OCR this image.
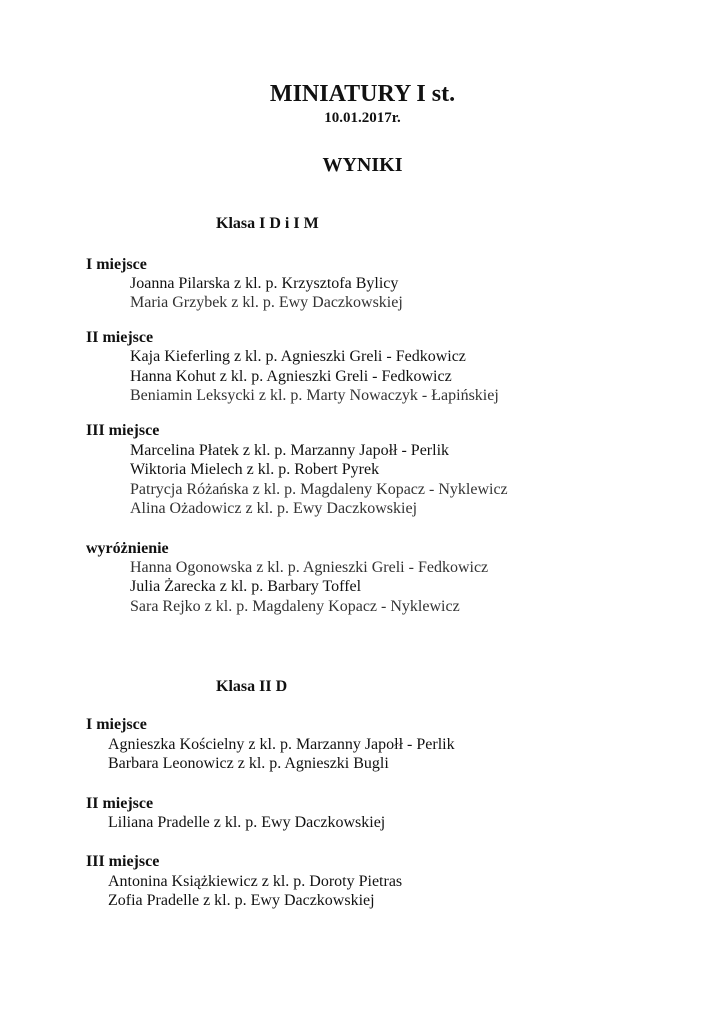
MINIATURY I st.
10.01.2017r.
WYNIKI
Klasa I D i I M
I miejsce
Joanna Pilarska z kl. p. Krzysztofa Bylicy
Maria Grzybek z kl. p. Ewy Daczkowskiej
II miejsce
Kaja Kieferling z kl. p. Agnieszki Greli - Fedkowicz
Hanna Kohut z kl. p. Agnieszki Greli - Fedkowicz
Beniamin Leksycki z kl. p. Marty Nowaczyk - Łapińskiej
III miejsce
Marcelina Płatek z kl. p. Marzanny Japołł - Perlik
Wiktoria Mielech z kl. p. Robert Pyrek
Patrycja Różańska z kl. p. Magdaleny Kopacz - Nyklewicz
Alina Ożadowicz z kl. p. Ewy Daczkowskiej
wyróżnienie
Hanna Ogonowska z kl. p. Agnieszki Greli - Fedkowicz
Julia Żarecka z kl. p. Barbary Toffel
Sara Rejko z kl. p. Magdaleny Kopacz - Nyklewicz
Klasa II D
I miejsce
Agnieszka Kościelny z kl. p. Marzanny Japołł - Perlik
Barbara Leonowicz z kl. p. Agnieszki Bugli
II miejsce
Liliana Pradelle z kl. p. Ewy Daczkowskiej
III miejsce
Antonina Książkiewicz z kl. p. Doroty Pietras
Zofia Pradelle z kl. p. Ewy Daczkowskiej
